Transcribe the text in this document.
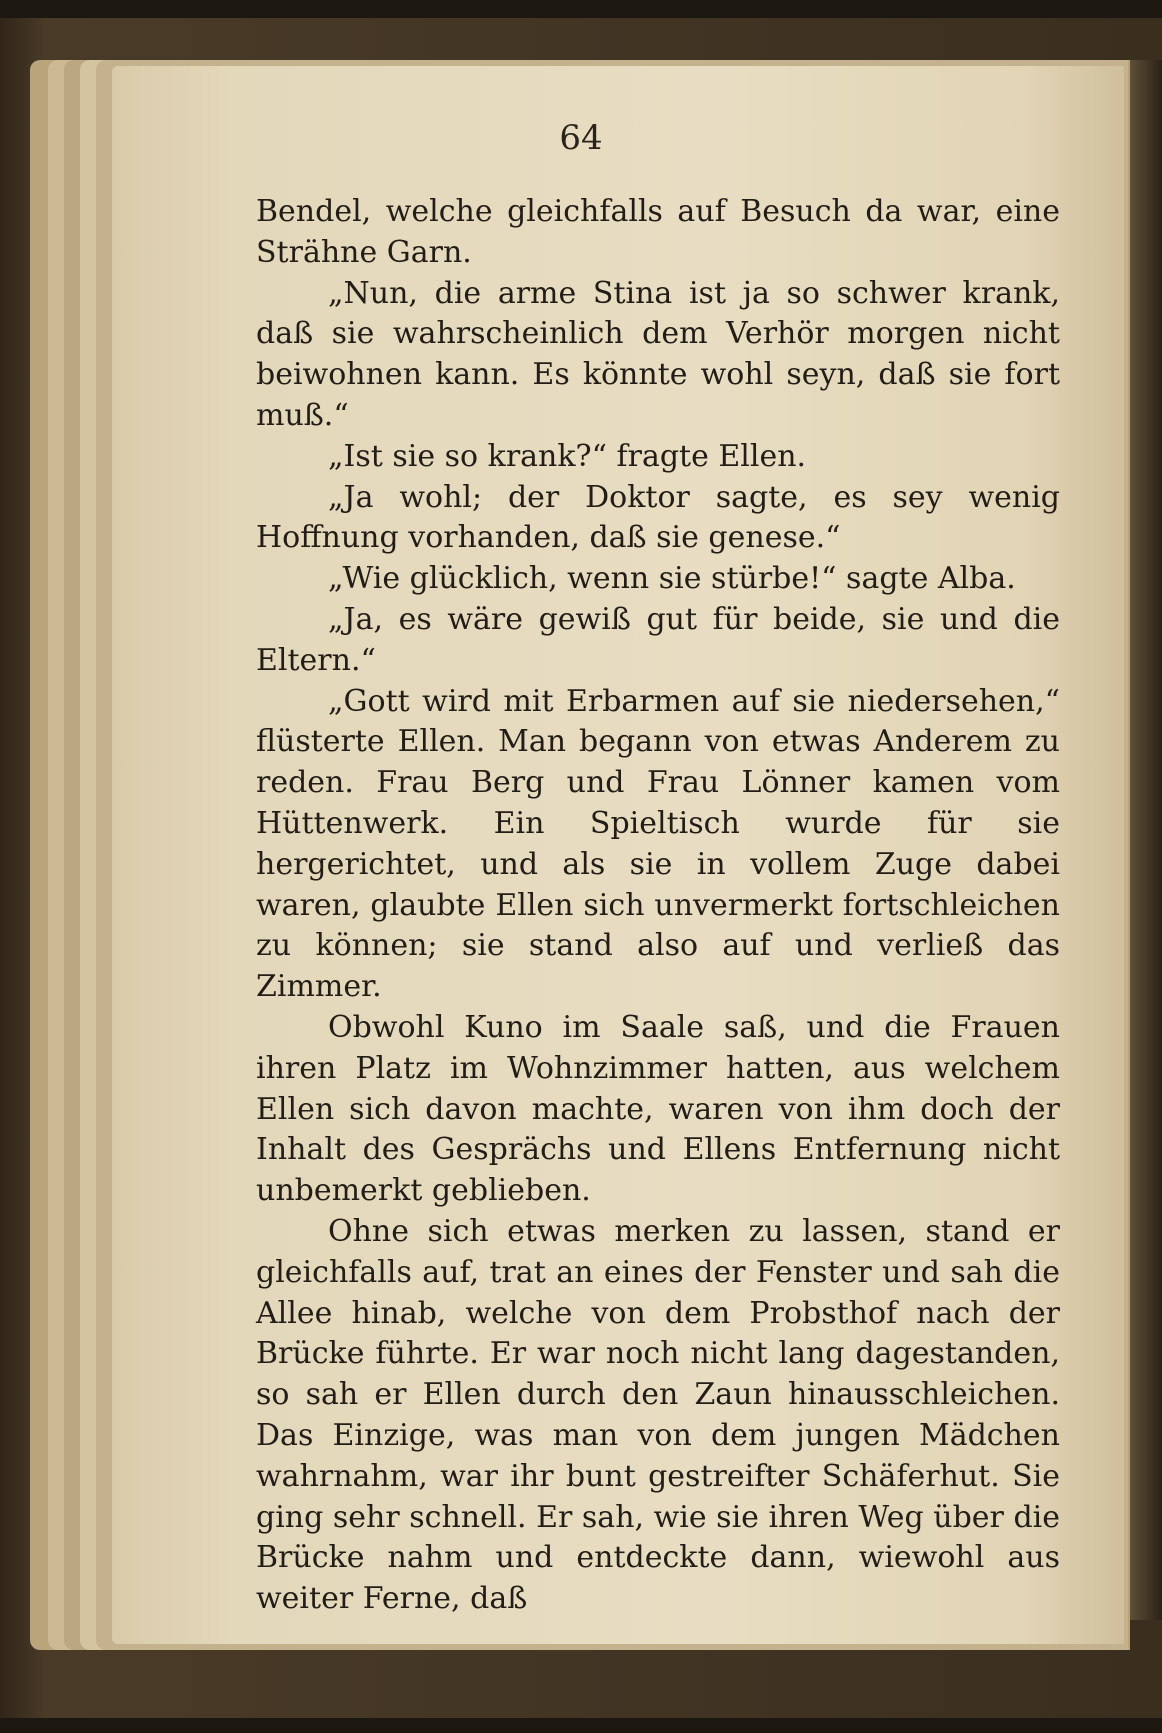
64

Bendel, welche gleichfalls auf Besuch da war, eine Strähne Garn.

„Nun, die arme Stina ist ja so schwer krank, daß sie wahrscheinlich dem Verhör morgen nicht beiwohnen kann. Es könnte wohl seyn, daß sie fort muß.“

„Ist sie so krank?“ fragte Ellen.

„Ja wohl; der Doktor sagte, es sey wenig Hoffnung vorhanden, daß sie genese.“

„Wie glücklich, wenn sie stürbe!“ sagte Alba.

„Ja, es wäre gewiß gut für beide, sie und die Eltern.“

„Gott wird mit Erbarmen auf sie niedersehen,“ flüsterte Ellen. Man begann von etwas Anderem zu reden. Frau Berg und Frau Lönner kamen vom Hüttenwerk. Ein Spieltisch wurde für sie hergerichtet, und als sie in vollem Zuge dabei waren, glaubte Ellen sich unvermerkt fortschleichen zu können; sie stand also auf und verließ das Zimmer.

Obwohl Kuno im Saale saß, und die Frauen ihren Platz im Wohnzimmer hatten, aus welchem Ellen sich davon machte, waren von ihm doch der Inhalt des Gesprächs und Ellens Entfernung nicht unbemerkt geblieben.

Ohne sich etwas merken zu lassen, stand er gleichfalls auf, trat an eines der Fenster und sah die Allee hinab, welche von dem Probsthof nach der Brücke führte. Er war noch nicht lang dagestanden, so sah er Ellen durch den Zaun hinausschleichen. Das Einzige, was man von dem jungen Mädchen wahrnahm, war ihr bunt gestreifter Schäferhut. Sie ging sehr schnell. Er sah, wie sie ihren Weg über die Brücke nahm und entdeckte dann, wiewohl aus weiter Ferne, daß
